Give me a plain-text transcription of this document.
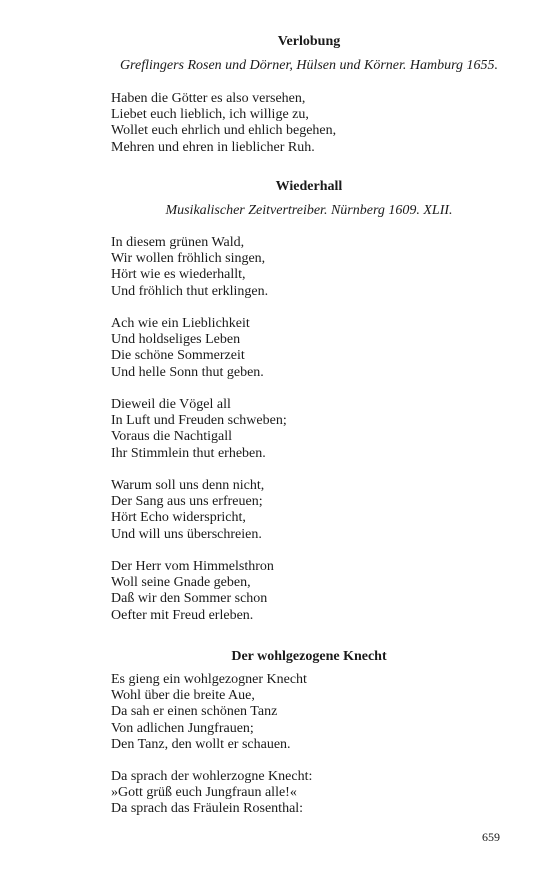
Verlobung

Greflingers Rosen und Dörner, Hülsen und Körner. Hamburg 1655.

Haben die Götter es also versehen,
Liebet euch lieblich, ich willige zu,
Wollet euch ehrlich und ehlich begehen,
Mehren und ehren in lieblicher Ruh.
Wiederhall

Musikalischer Zeitvertreiber. Nürnberg 1609. XLII.

In diesem grünen Wald,
Wir wollen fröhlich singen,
Hört wie es wiederhallt,
Und fröhlich thut erklingen.
Ach wie ein Lieblichkeit
Und holdseliges Leben
Die schöne Sommerzeit
Und helle Sonn thut geben.
Dieweil die Vögel all
In Luft und Freuden schweben;
Voraus die Nachtigall
Ihr Stimmlein thut erheben.
Warum soll uns denn nicht,
Der Sang aus uns erfreuen;
Hört Echo widerspricht,
Und will uns überschreien.
Der Herr vom Himmelsthron
Woll seine Gnade geben,
Daß wir den Sommer schon
Oefter mit Freud erleben.
Der wohlgezogene Knecht
Es gieng ein wohlgezogner Knecht
Wohl über die breite Aue,
Da sah er einen schönen Tanz
Von adlichen Jungfrauen;
Den Tanz, den wollt er schauen.
Da sprach der wohlerzogne Knecht:
»Gott grüß euch Jungfraun alle!«
Da sprach das Fräulein Rosenthal:
659
